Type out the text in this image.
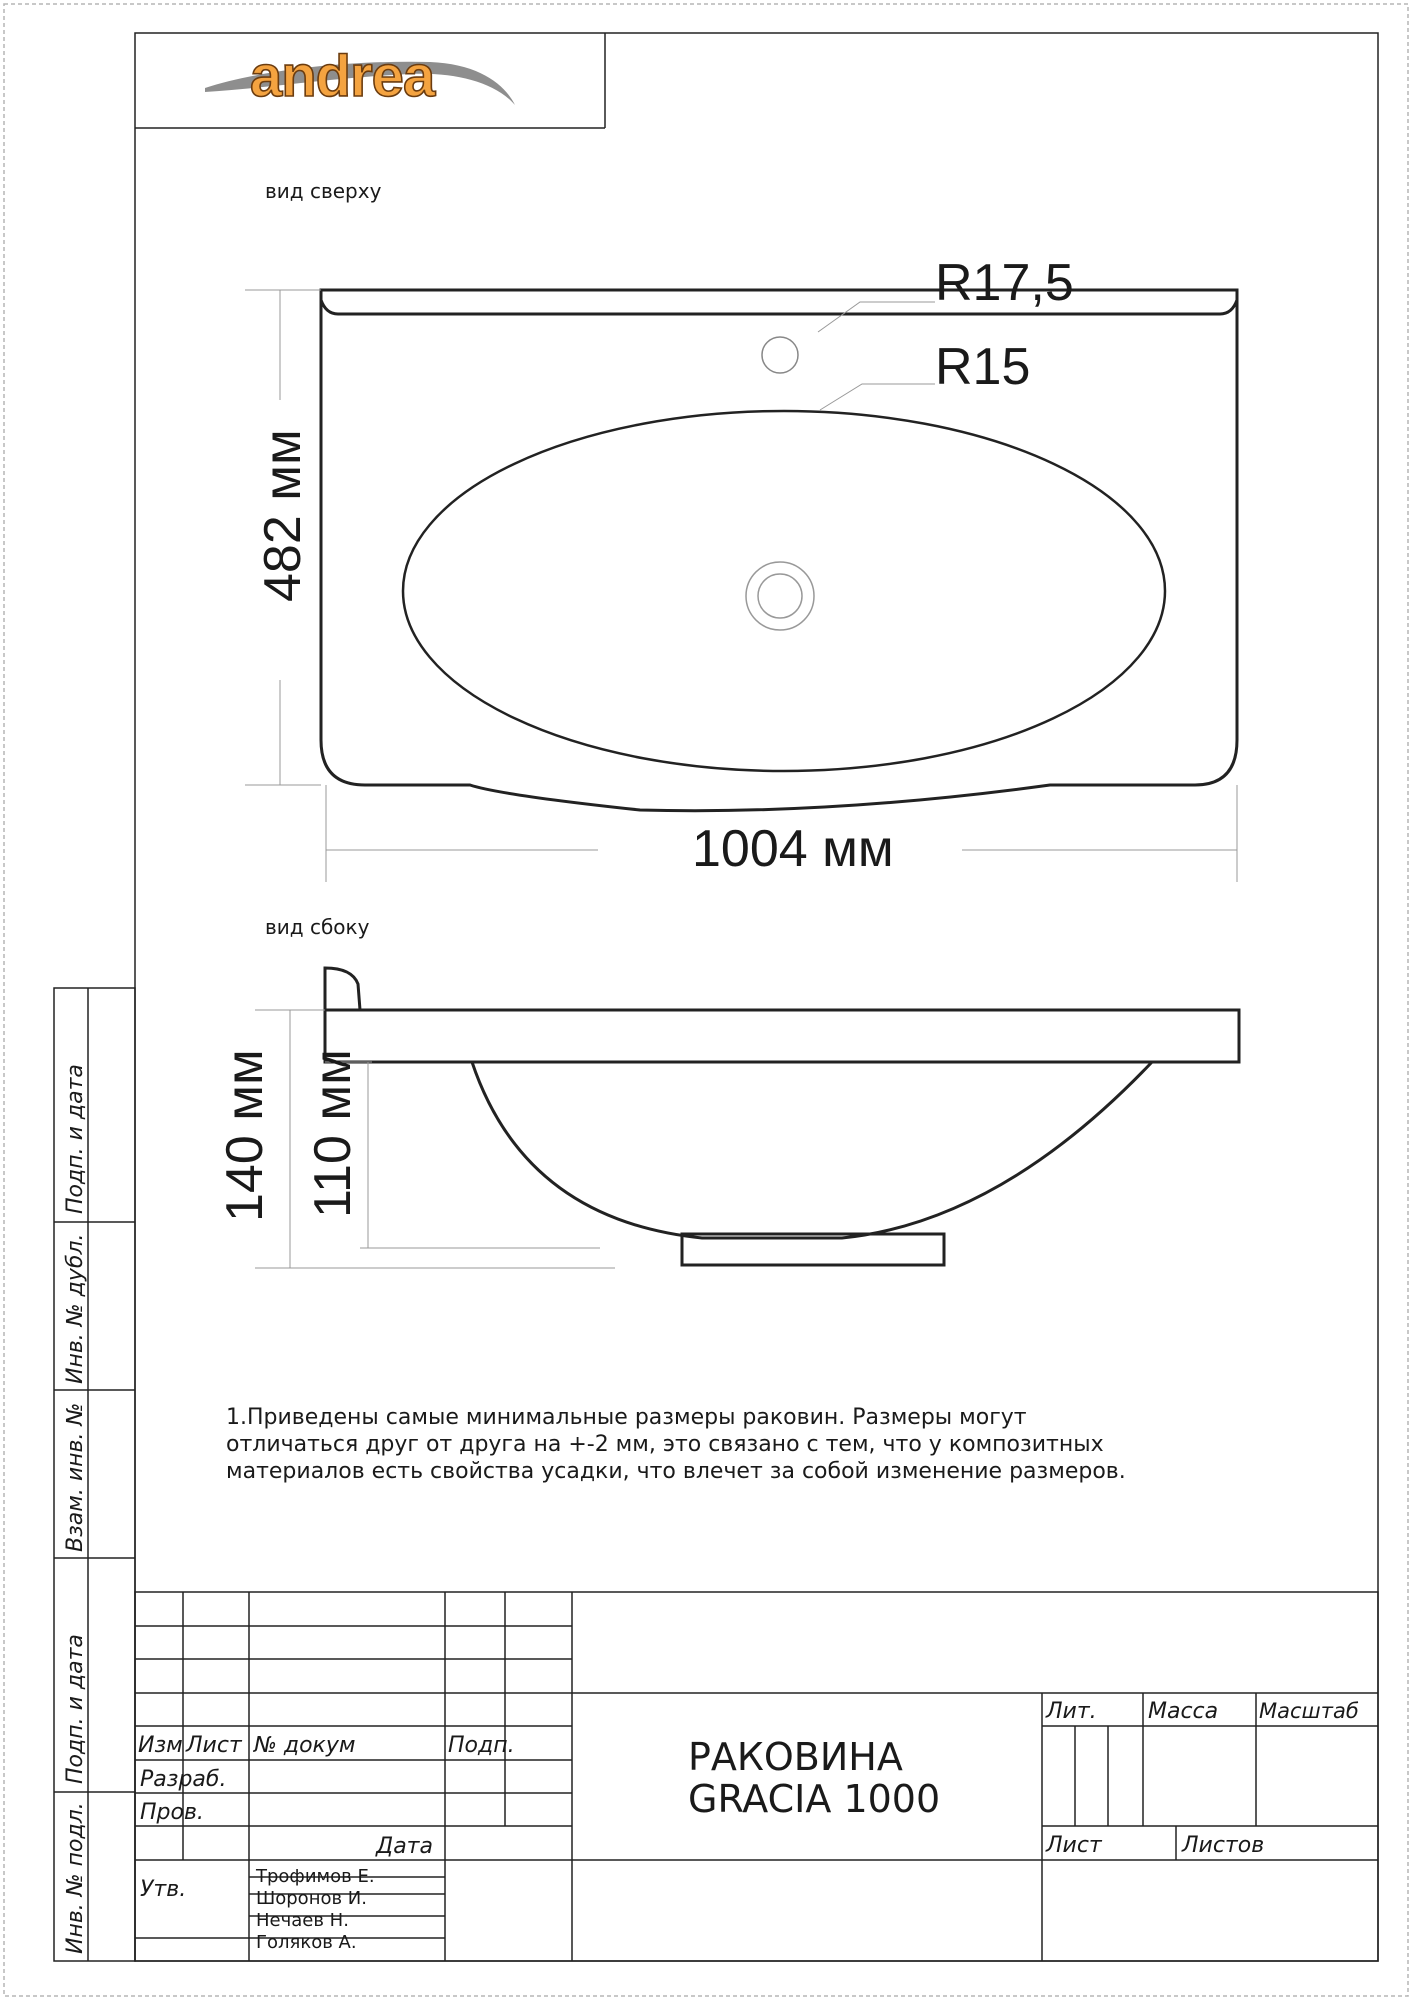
andrea
вид сверху
R17,5
R15
482 мм
1004 мм
вид сбоку
140 мм 110 мм
1.Приведены самые минимальные размеры раковин. Размеры могут
отличаться друг от друга на +-2 мм, это связано с тем, что у композитных
материалов есть свойства усадки, что влечет за собой изменение размеров.
Подп. и дата
Инв. № дубл.
Взам. инв. №
Подп. и дата
Инв. № подл.
Изм Лист № докум	Подп.
Разраб.
Пров.
Дата
Утв.
Трофимов Е.
Шоронов И.
Нечаев Н.
Голяков А.
РАКОВИНА
GRACIA 1000
Лит. Масса Масштаб
Лист	Листов
